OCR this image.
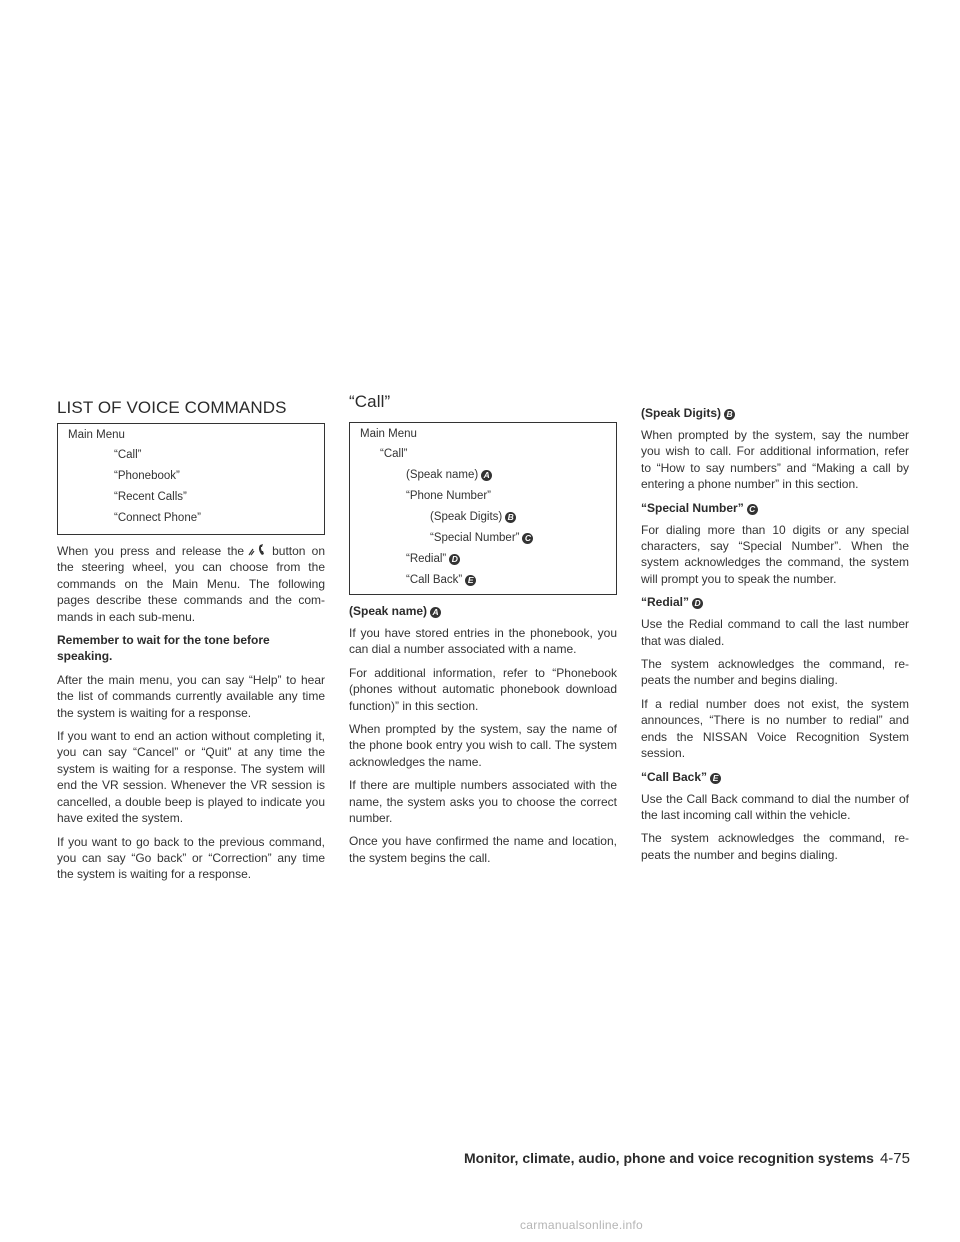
LIST OF VOICE COMMANDS

Main Menu

“Call”

“Phonebook”

“Recent Calls”

“Connect Phone”

When you press and release the button on the steering wheel, you can choose from the commands on the Main Menu. The following pages describe these commands and the com-mands in each sub-menu.

Remember to wait for the tone before speaking.

After the main menu, you can say “Help” to hear the list of commands currently available any time the system is waiting for a response.

If you want to end an action without completing it, you can say “Cancel” or “Quit” at any time the system is waiting for a response. The system will end the VR session. Whenever the VR session is cancelled, a double beep is played to indicate you have exited the system.

If you want to go back to the previous command, you can say “Go back” or “Correction” any time the system is waiting for a response.

“Call”

Main Menu

“Call”

(Speak name) A

“Phone Number”

(Speak Digits) B

“Special Number” C

“Redial” D

“Call Back” E

(Speak name) A

If you have stored entries in the phonebook, you can dial a number associated with a name.

For additional information, refer to “Phonebook (phones without automatic phonebook download function)” in this section.

When prompted by the system, say the name of the phone book entry you wish to call. The system acknowledges the name.

If there are multiple numbers associated with the name, the system asks you to choose the correct number.

Once you have confirmed the name and location, the system begins the call.

(Speak Digits) B

When prompted by the system, say the number you wish to call. For additional information, refer to “How to say numbers” and “Making a call by entering a phone number” in this section.

“Special Number” C

For dialing more than 10 digits or any special characters, say “Special Number”. When the system acknowledges the command, the system will prompt you to speak the number.

“Redial” D

Use the Redial command to call the last number that was dialed.

The system acknowledges the command, re-peats the number and begins dialing.

If a redial number does not exist, the system announces, “There is no number to redial” and ends the NISSAN Voice Recognition System session.

“Call Back” E

Use the Call Back command to dial the number of the last incoming call within the vehicle.

The system acknowledges the command, re-peats the number and begins dialing.

Monitor, climate, audio, phone and voice recognition systems 4-75
carmanualsonline.info
